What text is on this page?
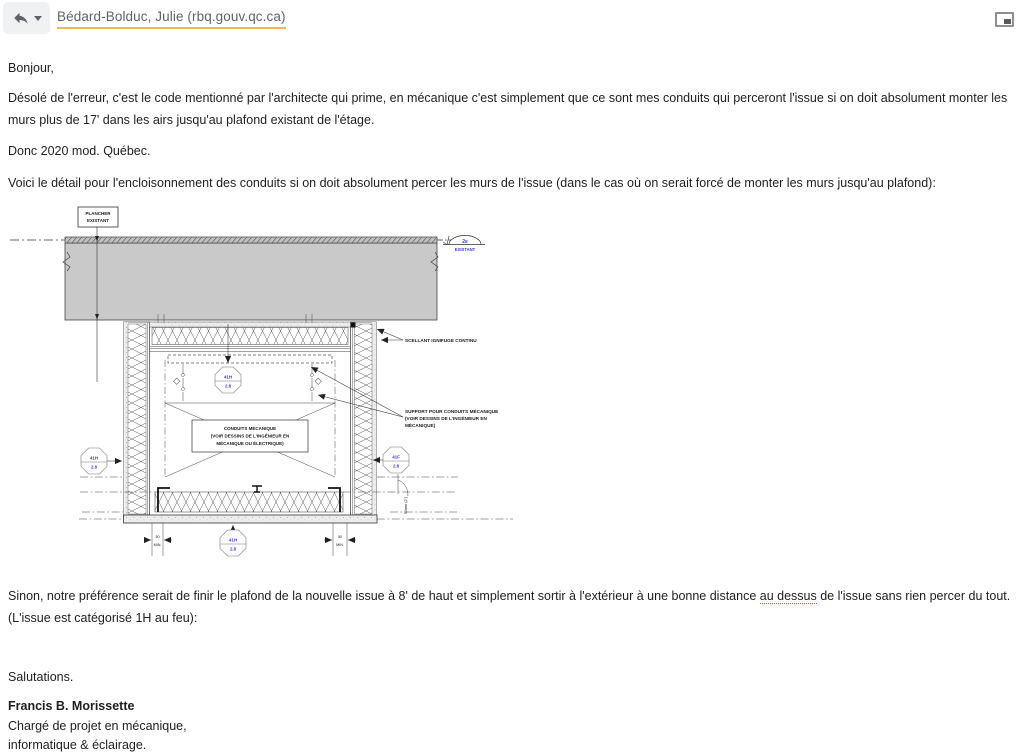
Bédard-Bolduc, Julie (rbq.gouv.qc.ca)

Bonjour,

Désolé de l'erreur, c'est le code mentionné par l'architecte qui prime, en mécanique c'est simplement que ce sont mes conduits qui perceront l'issue si on doit absolument monter les murs plus de 17' dans les airs jusqu'au plafond existant de l'étage.

Donc 2020 mod. Québec.

Voici le détail pour l'encloisonnement des conduits si on doit absolument percer les murs de l'issue (dans le cas où on serait forcé de monter les murs jusqu'au plafond):

PLANCHER
EXISTANT
2e
EXISTANT
CONDUITS MÉCANIQUE
(VOIR DESSINS DE L'INGÉNIEUR EN
MÉCANIQUE OU ÉLECTRIQUE)
50
MIN.
50
MIN.
50mm (2")
41H
2.8
41H
2.8
41F
2.8
41H
2.8
SCELLANT IGNIFUGE CONTINU
SUPPORT POUR CONDUITS MÉCANIQUE
(VOIR DESSINS DE L'INGÉNIEUR EN
MÉCANIQUE)

Sinon, notre préférence serait de finir le plafond de la nouvelle issue à 8' de haut et simplement sortir à l'extérieur à une bonne distance au dessus de l'issue sans rien percer du tout. (L'issue est catégorisé 1H au feu):

Salutations.

Francis B. Morissette

Chargé de projet en mécanique,

informatique & éclairage.
